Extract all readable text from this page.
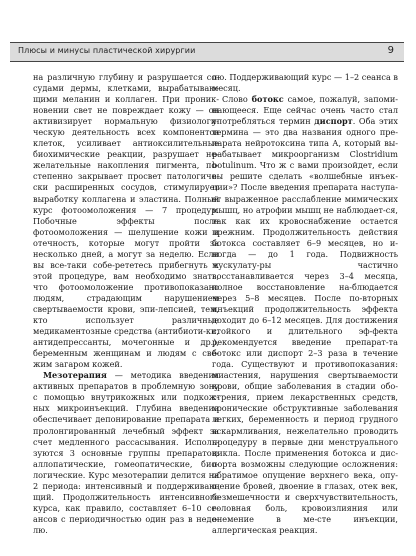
Плюсы и минусы пластической хирургии	9

на различную глубину и разрушается со-судами дермы, клетками, вырабатываю-щими меланин и коллаген. При проник-новении свет не повреждает кожу — он активизирует нормальную физиологи-ческую деятельность всех компонентов клеток, усиливает антиоксилительные биохимические реакции, разрушает не-желательные накопления пигмента, по-степенно закрывает просвет патологиче-ски расширенных сосудов, стимулирует выработку коллагена и эластина. Полный курс фотоомоложения — 7 процедур. Побочные эффекты после фотоомоложения — шелушение кожи и отечность, которые могут пройти за несколько дней, а могут за неделю. Если вы все-таки собе-рететесь прибегнуть к этой процедуре, вам необходимо знать, что фотоомоложение противопоказано людям, страдающим нарушением свертываемости крови, эпи-лепсией, тем, кто использует различные медикаментозные средства (антибиоти-ки, антидепрессанты, мочегонные и др.), беременным женщинам и людям с све-жим загаром кожей.

Мезотерапия — методика введения активных препаратов в проблемную зону с помощью внутрикожных или подкож-ных микроинъекций. Глубина введения обеспечивает депонирование препарата и пролонгированный лечебный эффект за счет медленного рассасывания. Исполь-зуются 3 основные группы препаратов: аллопатические, гомеопатические, био-логические. Курс мезотерапии делится на 2 периода: интенсивный и поддерживаю-щий. Продолжительность интенсивного курса, как правило, составляет 6–10 се-ансов с периодичностью один раз в неде-лю.

лю. Поддерживающий курс — 1–2 сеанса в месяц.

Слово ботокс самое, пожалуй, запоми-нающееся. Еще сейчас очень часто стал употребляться термин диспорт. Оба этих термина — это два названия одного пре-парата нейротоксина типа А, который вы-рабатывает микроорганизм Clostridium botulinum. Что ж с вами произойдет, если вы решите сделать «волшебные инъек-ции»? После введения препарата наступа-ет выраженное расслабление мимических мышц, но атрофии мышц не наблюдает-ся, так как их кровоснабжение остается прежним. Продолжительность действия ботокса составляет 6–9 месяцев, но и-ногда — до 1 года. Подвижность мускулату-ры частично восстанавливается через 3–4 месяца, полное восстановление на-блюдается через 5–8 месяцев. После по-вторных инъекций продолжительность эффекта доходит до 6–12 месяцев. Для достижения стойкого и длительного эф-фекта рекомендуется введение препарат-та ботокс или диспорт 2–3 раза в течение года. Существуют и противопоказания: миастения, нарушения свертываемости крови, общие заболевания в стадии обо-стрения, прием лекарственных средств, хронические обструктивные заболевания легких, беременность и период грудного вскармливания, нежелательно проводить процедуру в первые дни менструального цикла. После применения ботокса и дис-порта возможны следующие осложнения: обратимое опущение верхнего века, опу-щение бровей, двоение в глазах, отек век, безмешечности и сверхчувствительность, головная боль, кровоизлияния или онемение в ме-сте инъекции, аллергическая реакция.
